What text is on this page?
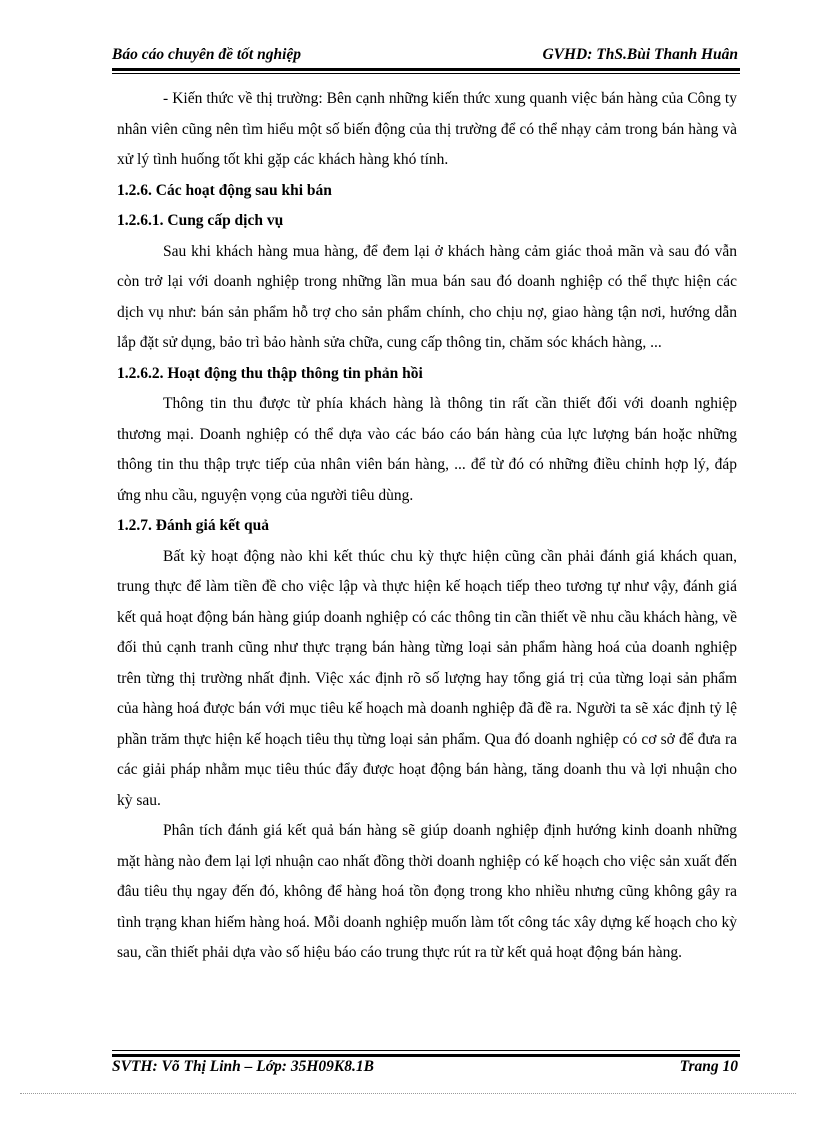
Báo cáo chuyên đề tốt nghiệp	GVHD: ThS.Bùi Thanh Huân

- Kiến thức về thị trường: Bên cạnh những kiến thức xung quanh việc bán hàng của Công ty nhân viên cũng nên tìm hiểu một số biến động của thị trường để có thể nhạy cảm trong bán hàng và xử lý tình huống tốt khi gặp các khách hàng khó tính.

1.2.6. Các hoạt động sau khi bán

1.2.6.1. Cung cấp dịch vụ

Sau khi khách hàng mua hàng, để đem lại ở khách hàng cảm giác thoả mãn và sau đó vẫn còn trở lại với doanh nghiệp trong những lần mua bán sau đó doanh nghiệp có thể thực hiện các dịch vụ như: bán sản phẩm hỗ trợ cho sản phẩm chính, cho chịu nợ, giao hàng tận nơi, hướng dẫn lắp đặt sử dụng, bảo trì bảo hành sửa chữa, cung cấp thông tin, chăm sóc khách hàng, ...

1.2.6.2. Hoạt động thu thập thông tin phản hồi

Thông tin thu được từ phía khách hàng là thông tin rất cần thiết đối với doanh nghiệp thương mại. Doanh nghiệp có thể dựa vào các báo cáo bán hàng của lực lượng bán hoặc những thông tin thu thập trực tiếp của nhân viên bán hàng, ... để từ đó có những điều chỉnh hợp lý, đáp ứng nhu cầu, nguyện vọng của người tiêu dùng.

1.2.7. Đánh giá kết quả

Bất kỳ hoạt động nào khi kết thúc chu kỳ thực hiện cũng cần phải đánh giá khách quan, trung thực để làm tiền đề cho việc lập và thực hiện kế hoạch tiếp theo tương tự như vậy, đánh giá kết quả hoạt động bán hàng giúp doanh nghiệp có các thông tin cần thiết về nhu cầu khách hàng, về đối thủ cạnh tranh cũng như thực trạng bán hàng từng loại sản phẩm hàng hoá của doanh nghiệp trên từng thị trường nhất định. Việc xác định rõ số lượng hay tổng giá trị của từng loại sản phẩm của hàng hoá được bán với mục tiêu kế hoạch mà doanh nghiệp đã đề ra. Người ta sẽ xác định tỷ lệ phần trăm thực hiện kế hoạch tiêu thụ từng loại sản phẩm. Qua đó doanh nghiệp có cơ sở để đưa ra các giải pháp nhằm mục tiêu thúc đẩy được hoạt động bán hàng, tăng doanh thu và lợi nhuận cho kỳ sau.

Phân tích đánh giá kết quả bán hàng sẽ giúp doanh nghiệp định hướng kinh doanh những mặt hàng nào đem lại lợi nhuận cao nhất đồng thời doanh nghiệp có kế hoạch cho việc sản xuất đến đâu tiêu thụ ngay đến đó, không để hàng hoá tồn đọng trong kho nhiều nhưng cũng không gây ra tình trạng khan hiếm hàng hoá. Mỗi doanh nghiệp muốn làm tốt công tác xây dựng kế hoạch cho kỳ sau, cần thiết phải dựa vào số hiệu báo cáo trung thực rút ra từ kết quả hoạt động bán hàng.

SVTH: Võ Thị Linh – Lớp: 35H09K8.1B	Trang 10
